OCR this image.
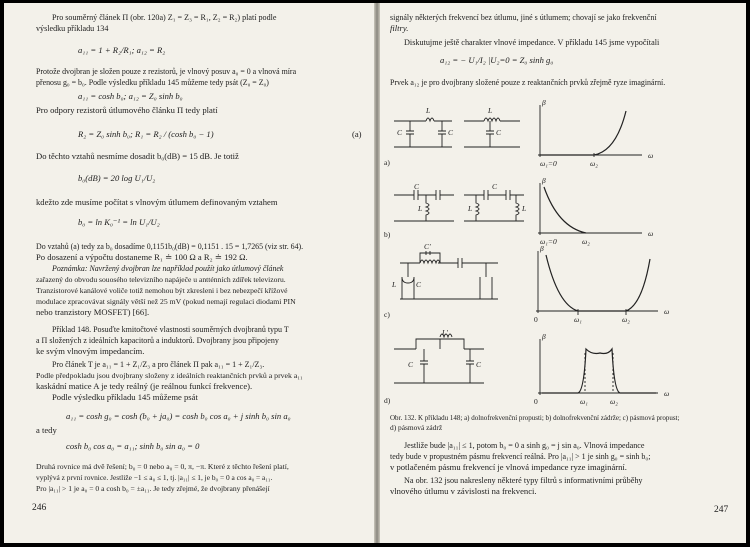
Pro souměrný článek Π (obr. 120a) Z₁ = Z₃ = R₁, Z₂ = R₂) platí podle
výsledku příkladu 134
a₁₁ = 1 + R₂/R₁; a₁₂ = R₂
Protože dvojbran je složen pouze z rezistorů, je vlnový posuv a₀ = 0 a vlnová míra
přenosu g₀ = b₀. Podle výsledku příkladu 145 můžeme tedy psát (Z₀ = Z₀)
a₁₁ = cosh b₀; a₁₂ = Z₀ sinh b₀
Pro odpory rezistorů útlumového článku Π tedy platí
R₂ = Z₀ sinh b₀; R₁ = R₂ / (cosh b₀ − 1)	(a)
Do těchto vztahů nesmíme dosadit b₀(dB) = 15 dB. Je totiž
b₀(dB) = 20 log U₁/U₂
kdežto zde musíme počítat s vlnovým útlumem definovaným vztahem
b₀ = ln K₀⁻¹ = ln U₁/U₂
Do vztahů (a) tedy za b₀ dosadíme 0,1151b₀(dB) = 0,1151 . 15 = 1,7265 (viz str. 64).
Po dosazení a výpočtu dostaneme R₁ ≐ 100 Ω a R₂ ≐ 192 Ω.
Poznámka: Navržený dvojbran lze například použít jako útlumový článek
zařazený do obvodu souosého televizního napáječe u antténních zdířek televizoru.
Tranzistorové kanálové voliče totiž nemohou být zkresleni i bez nebezpečí křížové
modulace zpracovávat signály větší než 25 mV (pokud nemají regulaci diodami PIN
nebo tranzistory MOSFET) [66].
Příklad 148. Posuďte kmitočtové vlastnosti souměrných dvojbranů typu T
a Π složených z ideálních kapacitorů a induktorů. Dvojbrany jsou připojeny
ke svým vlnovým impedancím.
Pro článek T je a₁₁ = 1 + Z₁/Z₃ a pro článek Π pak a₁₁ = 1 + Z₁/Z₃.
Podle předpokladu jsou dvojbrany složeny z ideálních reaktančních prvků a prvek a₁₁
kaskádní matice A je tedy reálný (je reálnou funkcí frekvence).
Podle výsledku příkladu 145 můžeme psát
a₁₁ = cosh g₀ = cosh (b₀ + ja₀) = cosh b₀ cos a₀ + j sinh b₀ sin a₀
a tedy
cosh b₀ cos a₀ = a₁₁; sinh b₀ sin a₀ = 0
Druhá rovnice má dvě řešení; b₀ = 0 nebo a₀ = 0, π, −π. Které z těchto řešení platí,
vyplývá z první rovnice. Jestliže −1 ≤ a₀ ≤ 1, tj. |a₁₁| ≤ 1, je b₀ = 0 a cos a₀ = a₁₁.
Pro |a₁₁| > 1 je a₀ = 0 a cosh b₀ = ±a₁₁. Je tedy zřejmé, že dvojbrany přenášejí
246
signály některých frekvencí bez útlumu, jiné s útlumem; chovají se jako frekvenční
filtry.
Diskutujme ještě charakter vlnové impedance. V příkladu 145 jsme vypočítali
a₁₂ = − U₁/I₂ |U₂=0 = Z₀ sinh g₀
Prvek a₁₂ je pro dvojbrany složené pouze z reaktančních prvků zřejmě ryze imaginární.
L	L
C	C	C
C	C
L	L	L
C'
L	C
L'
C	C
a)
b)
c)
d)
β
ω
ω₁=0	ω₂
β
ω
ω₁=0	ω₂
β
ω
0	ω₁	ω₂
β
ω
0	ω₁	ω₂
Obr. 132. K příkladu 148; a) dolnofrekvenční propusti; b) dolnofrekvenční zádrže; c) pásmová propust;
d) pásmová zádrž
Jestliže bude |a₁₁| ≤ 1, potom b₀ = 0 a sinh g₀ = j sin a₀. Vlnová impedance
tedy bude v propustném pásmu frekvencí reálná. Pro |a₁₁| > 1 je sinh g₀ = sinh b₀;
v potlačeném pásmu frekvencí je vlnová impedance ryze imaginární.
Na obr. 132 jsou nakresleny některé typy filtrů s informativními průběhy
vlnového útlumu v závislosti na frekvenci.
247
